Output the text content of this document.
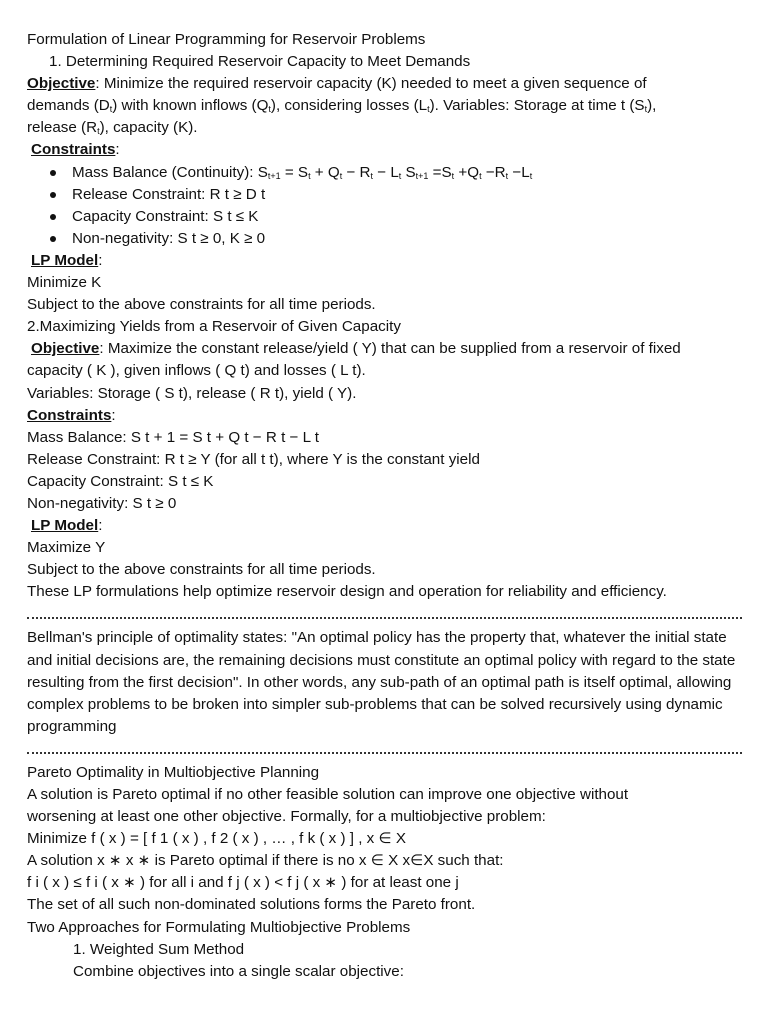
Formulation of Linear Programming for Reservoir Problems
1. Determining Required Reservoir Capacity to Meet Demands
Objective: Minimize the required reservoir capacity (K) needed to meet a given sequence of
demands $(D_t)$ with known inflows $(Q_t)$, considering losses $(L_t)$. Variables: Storage at time t $(S_t)$,
release $(R_t)$, capacity (K).
Constraints:
Mass Balance (Continuity): $S_{t+1} = S_t + Q_t - R_t - L_t$ $S_{t+1} =S_t +Q_t -R_t -L_t$
Release Constraint: R t ≥ D t
Capacity Constraint: S t ≤ K
Non-negativity: S t ≥ 0, K ≥ 0
LP Model:
Minimize K
Subject to the above constraints for all time periods.
2.Maximizing Yields from a Reservoir of Given Capacity
Objective: Maximize the constant release/yield ( Y) that can be supplied from a reservoir of fixed
capacity ( K ), given inflows ( Q t) and losses ( L t).
Variables: Storage ( S t), release ( R t), yield ( Y).
Constraints:
Mass Balance: S t + 1 = S t + Q t − R t − L t
Release Constraint: R t ≥ Y (for all t t), where Y is the constant yield
Capacity Constraint: S t ≤ K
Non-negativity: S t ≥ 0
LP Model:
Maximize Y
Subject to the above constraints for all time periods.
These LP formulations help optimize reservoir design and operation for reliability and efficiency.
Bellman's principle of optimality states: "An optimal policy has the property that, whatever the initial state and initial decisions are, the remaining decisions must constitute an optimal policy with regard to the state resulting from the first decision". In other words, any sub-path of an optimal path is itself optimal, allowing complex problems to be broken into simpler sub-problems that can be solved recursively using dynamic programming
Pareto Optimality in Multiobjective Planning
A solution is Pareto optimal if no other feasible solution can improve one objective without
worsening at least one other objective. Formally, for a multiobjective problem:
Minimize f ( x ) = [ f 1 ( x ) , f 2 ( x ) , … , f k ( x ) ] , x ∈ X
A solution x ∗ x ∗ is Pareto optimal if there is no x ∈ X x∈X such that:
f i ( x ) ≤ f i ( x ∗ ) for all i and f j ( x ) < f j ( x ∗ ) for at least one j
The set of all such non-dominated solutions forms the Pareto front.
Two Approaches for Formulating Multiobjective Problems
1. Weighted Sum Method
Combine objectives into a single scalar objective:
